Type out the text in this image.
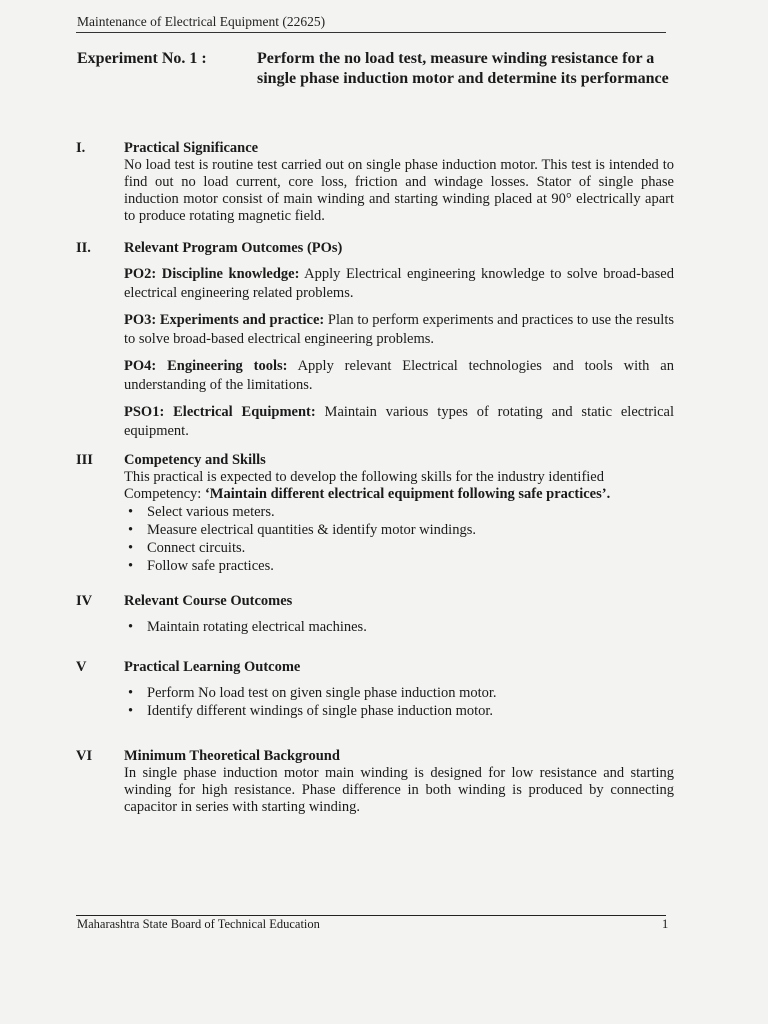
Maintenance of Electrical Equipment (22625)
Experiment No. 1 :	Perform the no load test, measure winding resistance for a single phase induction motor and determine its performance
I.	Practical Significance

No load test is routine test carried out on single phase induction motor. This test is intended to find out no load current, core loss, friction and windage losses. Stator of single phase induction motor consist of main winding and starting winding placed at 90° electrically apart to produce rotating magnetic field.

II. Relevant Program Outcomes (POs)

PO2: Discipline knowledge: Apply Electrical engineering knowledge to solve broad-based electrical engineering related problems.

PO3: Experiments and practice: Plan to perform experiments and practices to use the results to solve broad-based electrical engineering problems.

PO4: Engineering tools: Apply relevant Electrical technologies and tools with an understanding of the limitations.

PSO1: Electrical Equipment: Maintain various types of rotating and static electrical equipment.

III Competency and Skills

This practical is expected to develop the following skills for the industry identified

Competency: ‘Maintain different electrical equipment following safe practices’.

• Select various meters.
• Measure electrical quantities & identify motor windings.
• Connect circuits.
• Follow safe practices.
IV Relevant Course Outcomes
• Maintain rotating electrical machines.
V	Practical Learning Outcome
• Perform No load test on given single phase induction motor.
• Identify different windings of single phase induction motor.
VI Minimum Theoretical Background

In single phase induction motor main winding is designed for low resistance and starting winding for high resistance. Phase difference in both winding is produced by connecting capacitor in series with starting winding.

Maharashtra State Board of Technical Education	1
